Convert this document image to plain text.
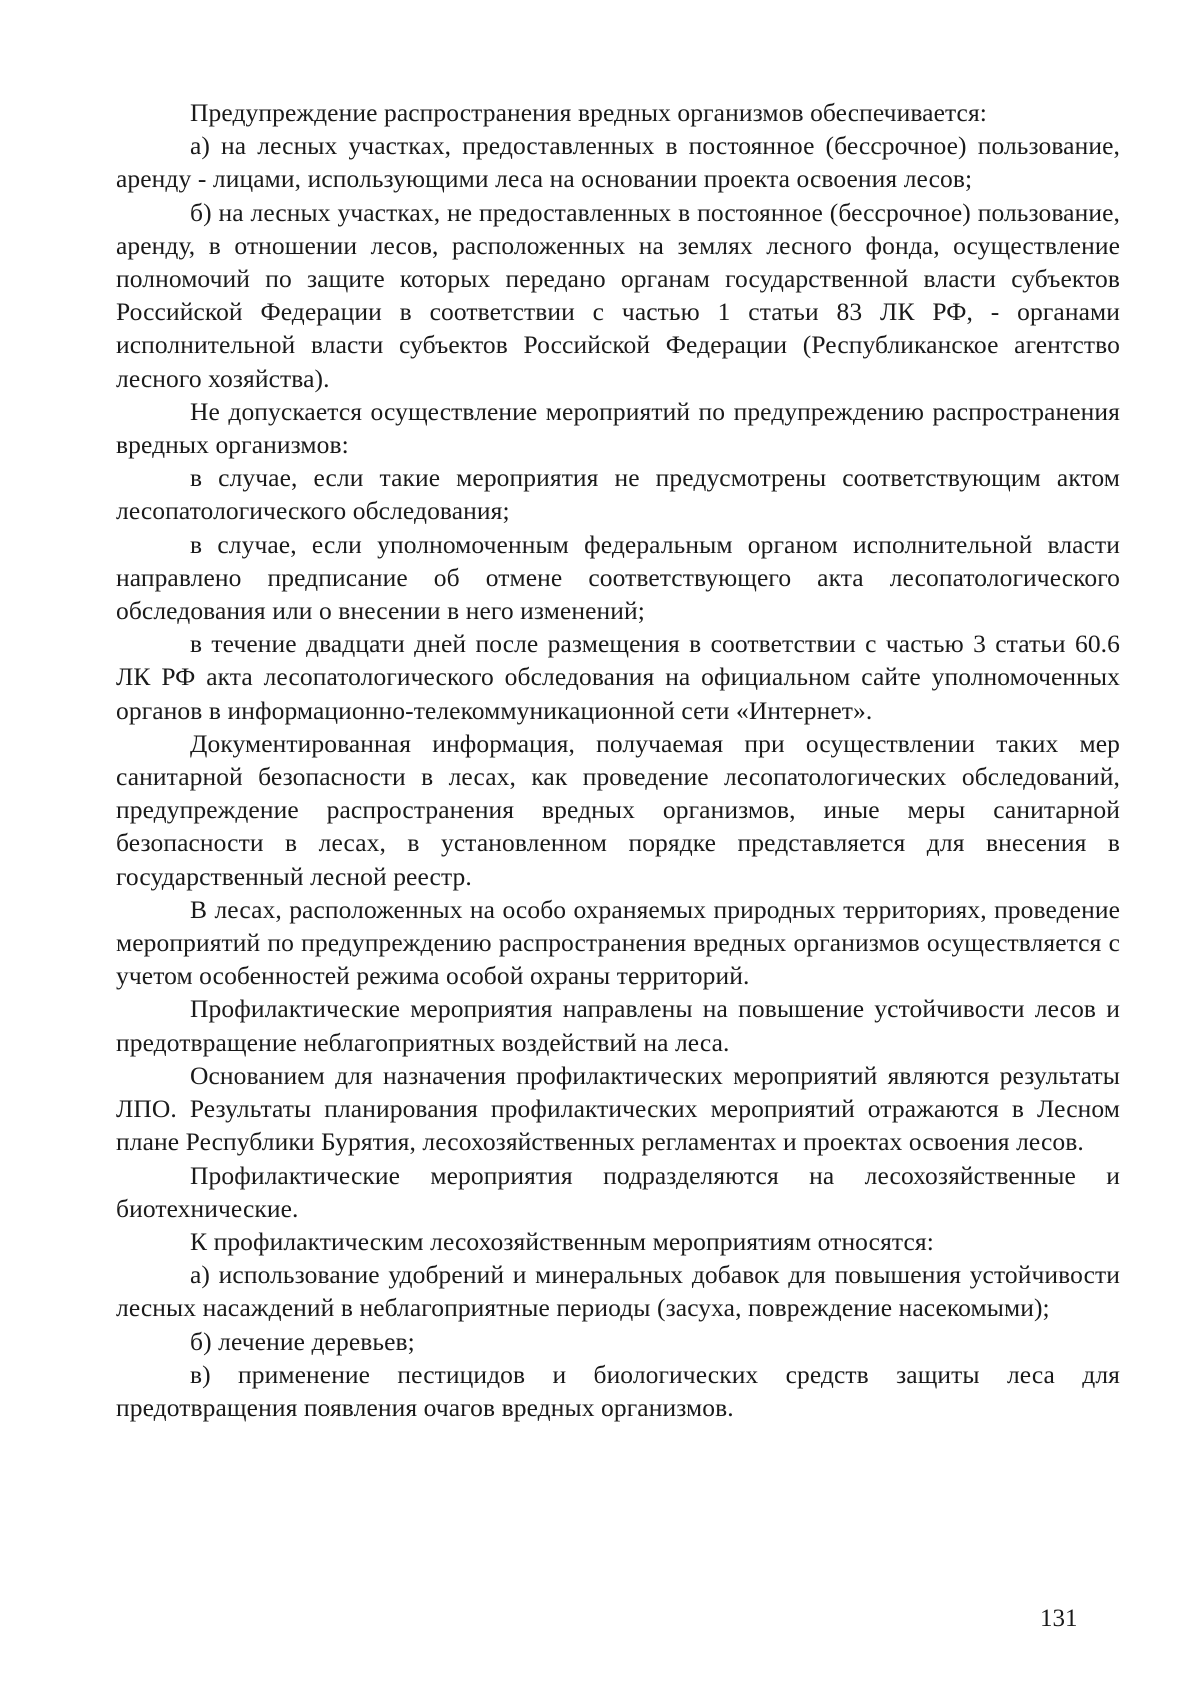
Предупреждение распространения вредных организмов обеспечивается:

а) на лесных участках, предоставленных в постоянное (бессрочное) пользование, аренду - лицами, использующими леса на основании проекта освоения лесов;

б) на лесных участках, не предоставленных в постоянное (бессрочное) пользование, аренду, в отношении лесов, расположенных на землях лесного фонда, осуществление полномочий по защите которых передано органам государственной власти субъектов Российской Федерации в соответствии с частью 1 статьи 83 ЛК РФ, - органами исполнительной власти субъектов Российской Федерации (Республиканское агентство лесного хозяйства).

Не допускается осуществление мероприятий по предупреждению распространения вредных организмов:

в случае, если такие мероприятия не предусмотрены соответствующим актом лесопатологического обследования;

в случае, если уполномоченным федеральным органом исполнительной власти направлено предписание об отмене соответствующего акта лесопатологического обследования или о внесении в него изменений;

в течение двадцати дней после размещения в соответствии с частью 3 статьи 60.6 ЛК РФ акта лесопатологического обследования на официальном сайте уполномоченных органов в информационно-телекоммуникационной сети «Интернет».

Документированная информация, получаемая при осуществлении таких мер санитарной безопасности в лесах, как проведение лесопатологических обследований, предупреждение распространения вредных организмов, иные меры санитарной безопасности в лесах, в установленном порядке представляется для внесения в государственный лесной реестр.

В лесах, расположенных на особо охраняемых природных территориях, проведение мероприятий по предупреждению распространения вредных организмов осуществляется с учетом особенностей режима особой охраны территорий.

Профилактические мероприятия направлены на повышение устойчивости лесов и предотвращение неблагоприятных воздействий на леса.

Основанием для назначения профилактических мероприятий являются результаты ЛПО. Результаты планирования профилактических мероприятий отражаются в Лесном плане Республики Бурятия, лесохозяйственных регламентах и проектах освоения лесов.

Профилактические мероприятия подразделяются на лесохозяйственные и биотехнические.

К профилактическим лесохозяйственным мероприятиям относятся:

а) использование удобрений и минеральных добавок для повышения устойчивости лесных насаждений в неблагоприятные периоды (засуха, повреждение насекомыми);

б) лечение деревьев;

в) применение пестицидов и биологических средств защиты леса для предотвращения появления очагов вредных организмов.

131
